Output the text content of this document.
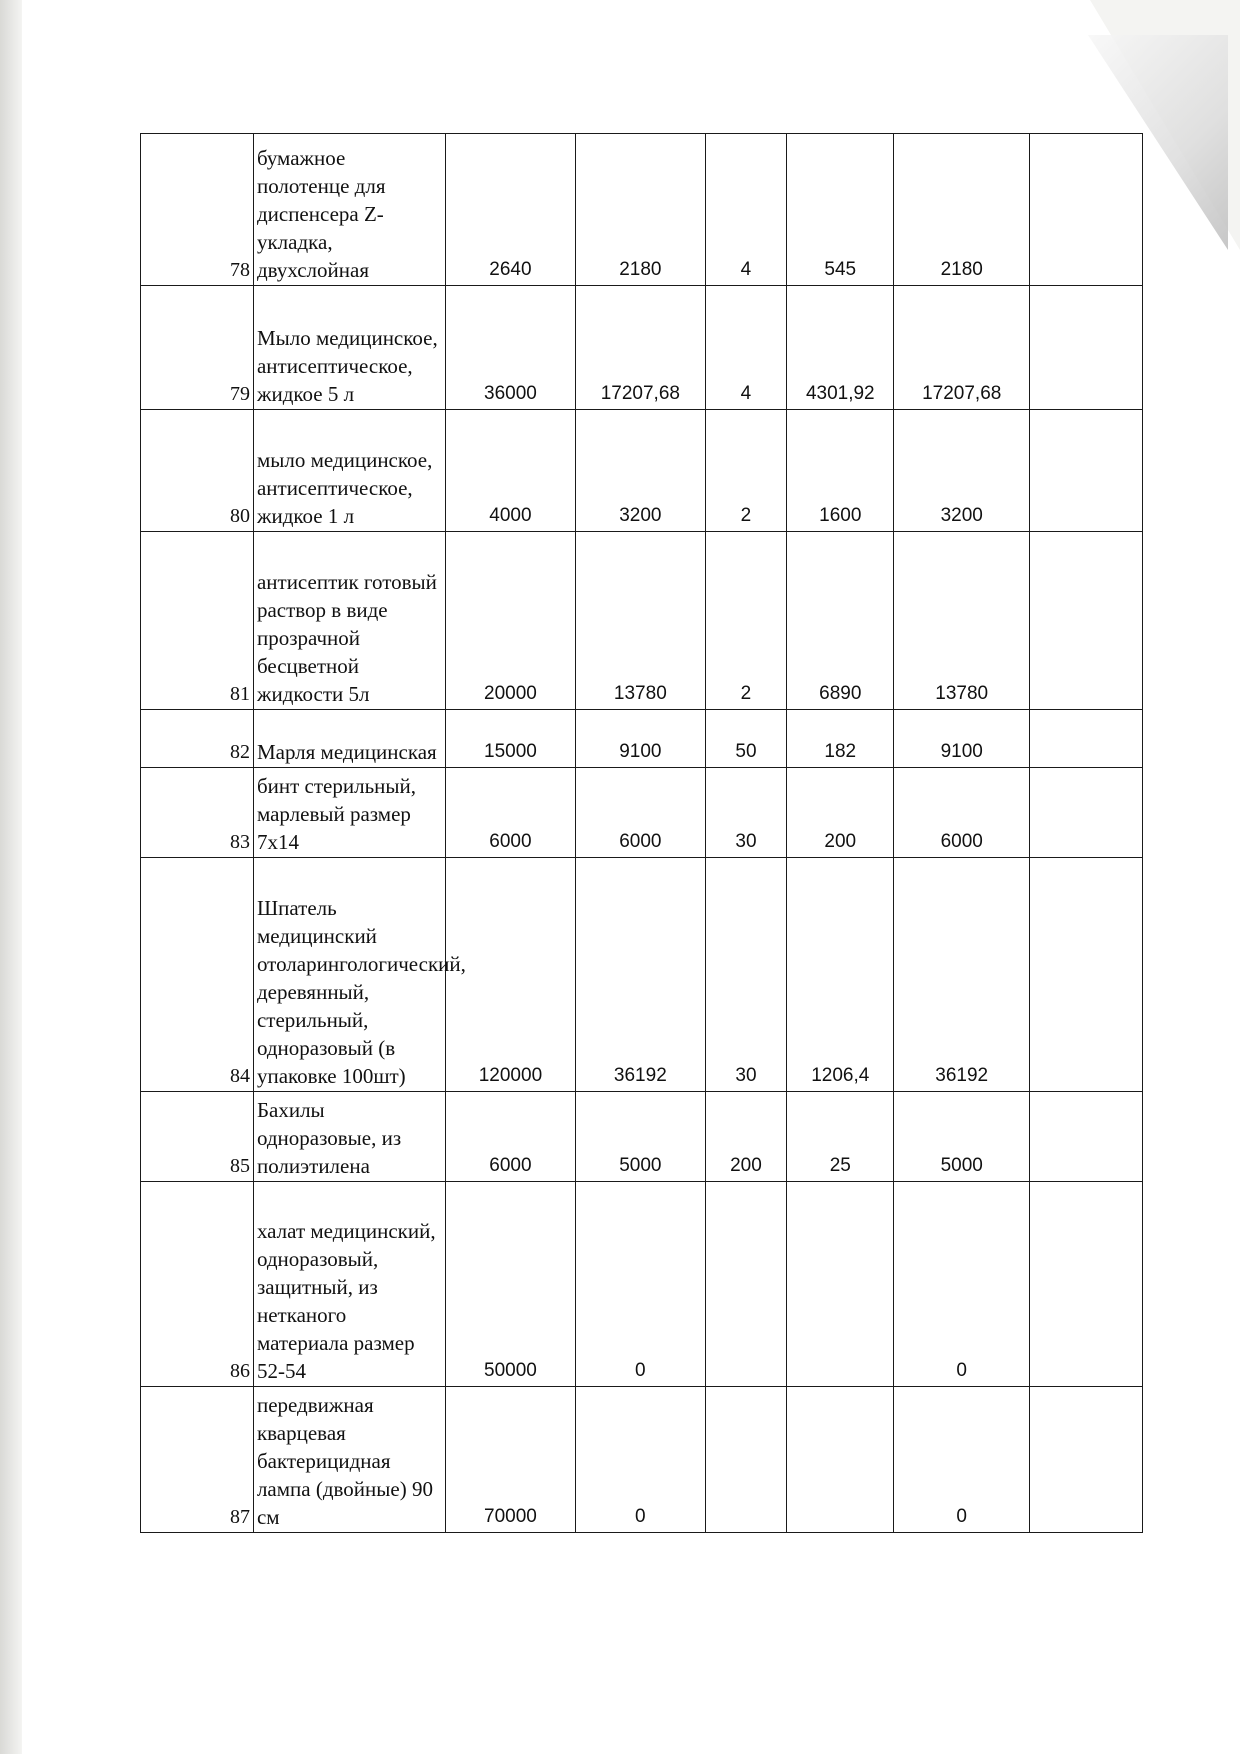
78	бумажное полотенце для диспенсера Z-укладка, двухслойная	2640	2180	4	545	2180	
79	Мыло медицинское, антисептическое, жидкое 5 л	36000	17207,68	4	4301,92	17207,68	
80	мыло медицинское, антисептическое, жидкое 1 л	4000	3200	2	1600	3200	
81	антисептик готовый раствор в виде прозрачной бесцветной жидкости 5л	20000	13780	2	6890	13780	
82	Марля медицинская	15000	9100	50	182	9100	
83	бинт стерильный, марлевый размер 7х14	6000	6000	30	200	6000	
84	Шпатель медицинский отоларингологический, деревянный, стерильный, одноразовый (в упаковке 100шт)	120000	36192	30	1206,4	36192	
85	Бахилы одноразовые, из полиэтилена	6000	5000	200	25	5000	
86	халат медицинский, одноразовый, защитный, из нетканого материала размер 52-54	50000	0			0	
87	передвижная кварцевая бактерицидная лампа (двойные) 90 см	70000	0			0	
